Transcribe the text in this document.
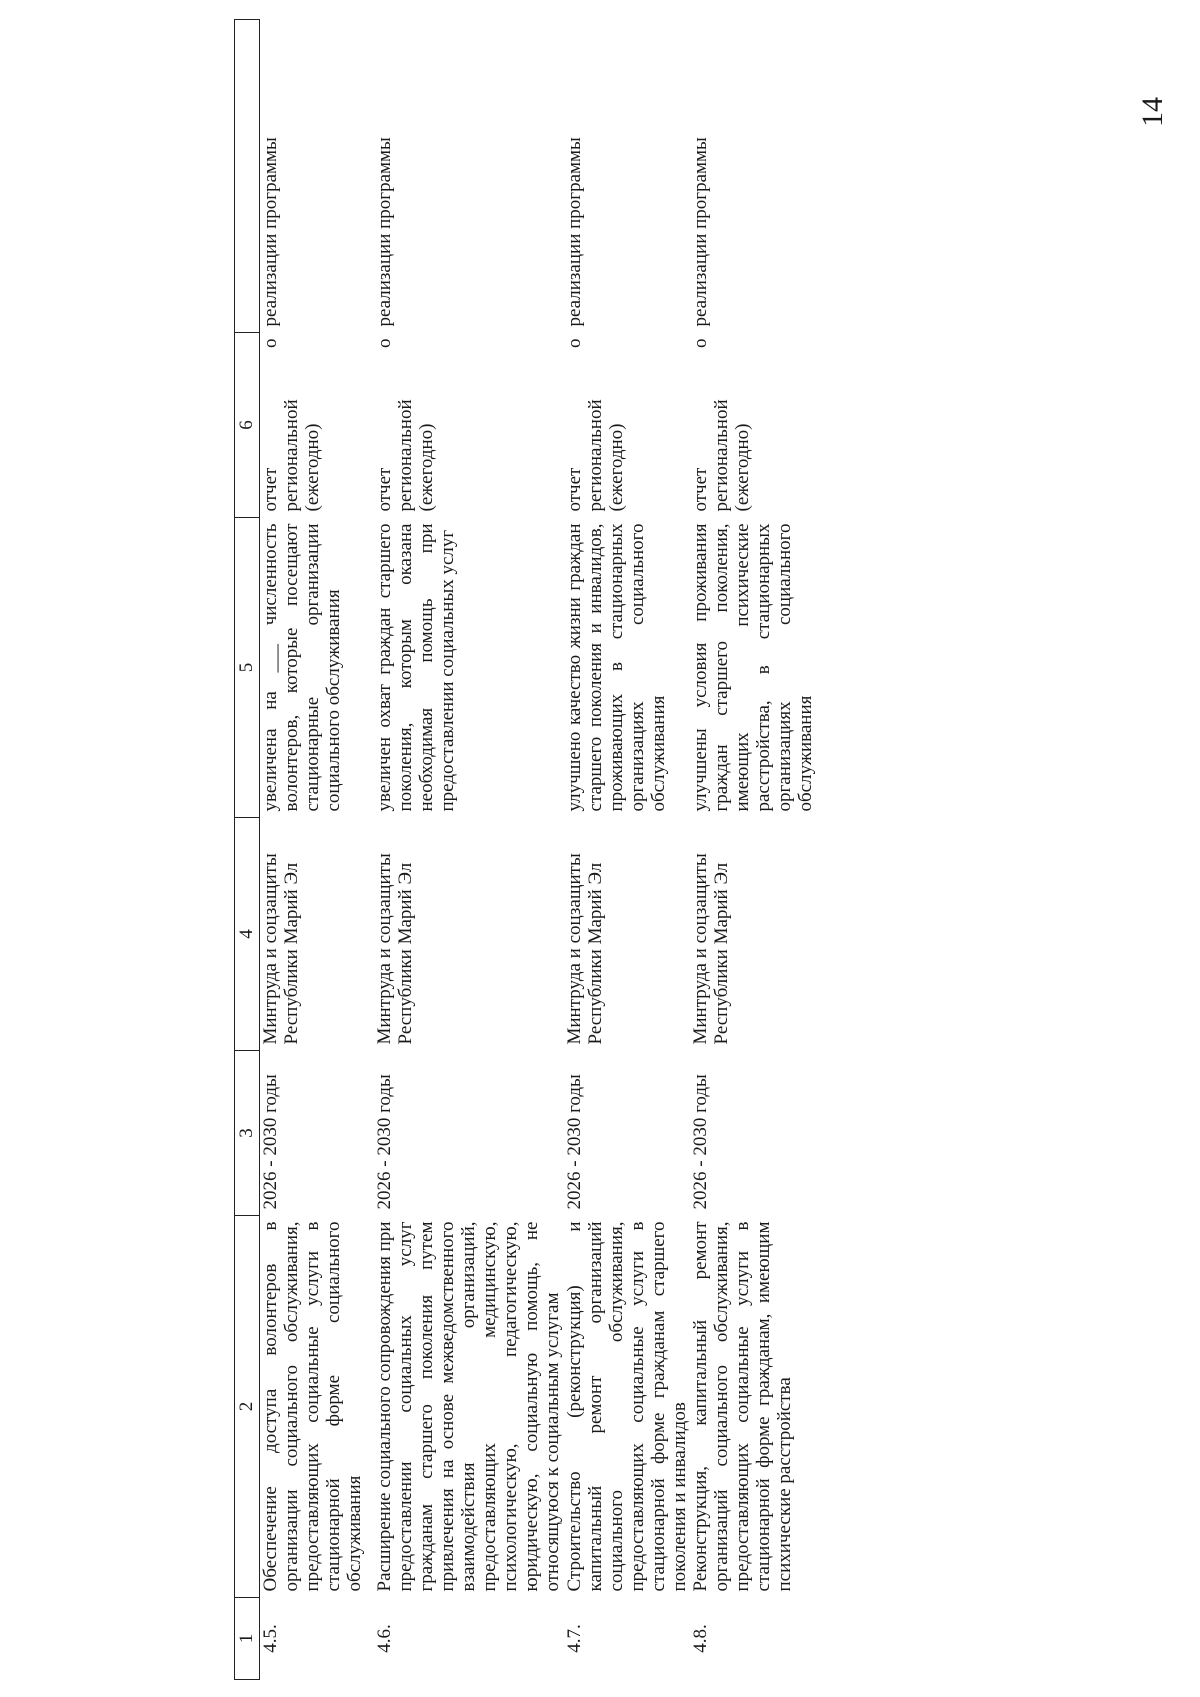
14
1	2	3	4	5	6	
4.5.	Обеспечение доступа волонтеров в организации социального обслуживания, предоставляющих социальные услуги в стационарной форме социального обслуживания	2026 - 2030 годы	Минтруда и соцзащиты Республики Марий Эл	увеличена на ___ численность волонтеров, которые посещают стационарные организации социального обслуживания	отчет о региональной (ежегодно)	реализации программы
4.6.	Расширение социального сопровождения при предоставлении социальных услуг гражданам старшего поколения путем привлечения на основе межведомственного взаимодействия организаций, предоставляющих медицинскую, психологическую, педагогическую, юридическую, социальную помощь, не относящуюся к социальным услугам	2026 - 2030 годы	Минтруда и соцзащиты Республики Марий Эл	увеличен охват граждан старшего поколения, которым оказана необходимая помощь при предоставлении социальных услуг	отчет о региональной (ежегодно)	реализации программы
4.7.	Строительство (реконструкция) и капитальный ремонт организаций социального обслуживания, предоставляющих социальные услуги в стационарной форме гражданам старшего поколения и инвалидов	2026 - 2030 годы	Минтруда и соцзащиты Республики Марий Эл	улучшено качество жизни граждан старшего поколения и инвалидов, проживающих в стационарных организациях социального обслуживания	отчет о региональной (ежегодно)	реализации программы
4.8.	Реконструкция, капитальный ремонт организаций социального обслуживания, предоставляющих социальные услуги в стационарной форме гражданам, имеющим психические расстройства	2026 - 2030 годы	Минтруда и соцзащиты Республики Марий Эл	улучшены условия проживания граждан старшего поколения, имеющих психические расстройства, в стационарных организациях социального обслуживания	отчет о региональной (ежегодно)	реализации программы
